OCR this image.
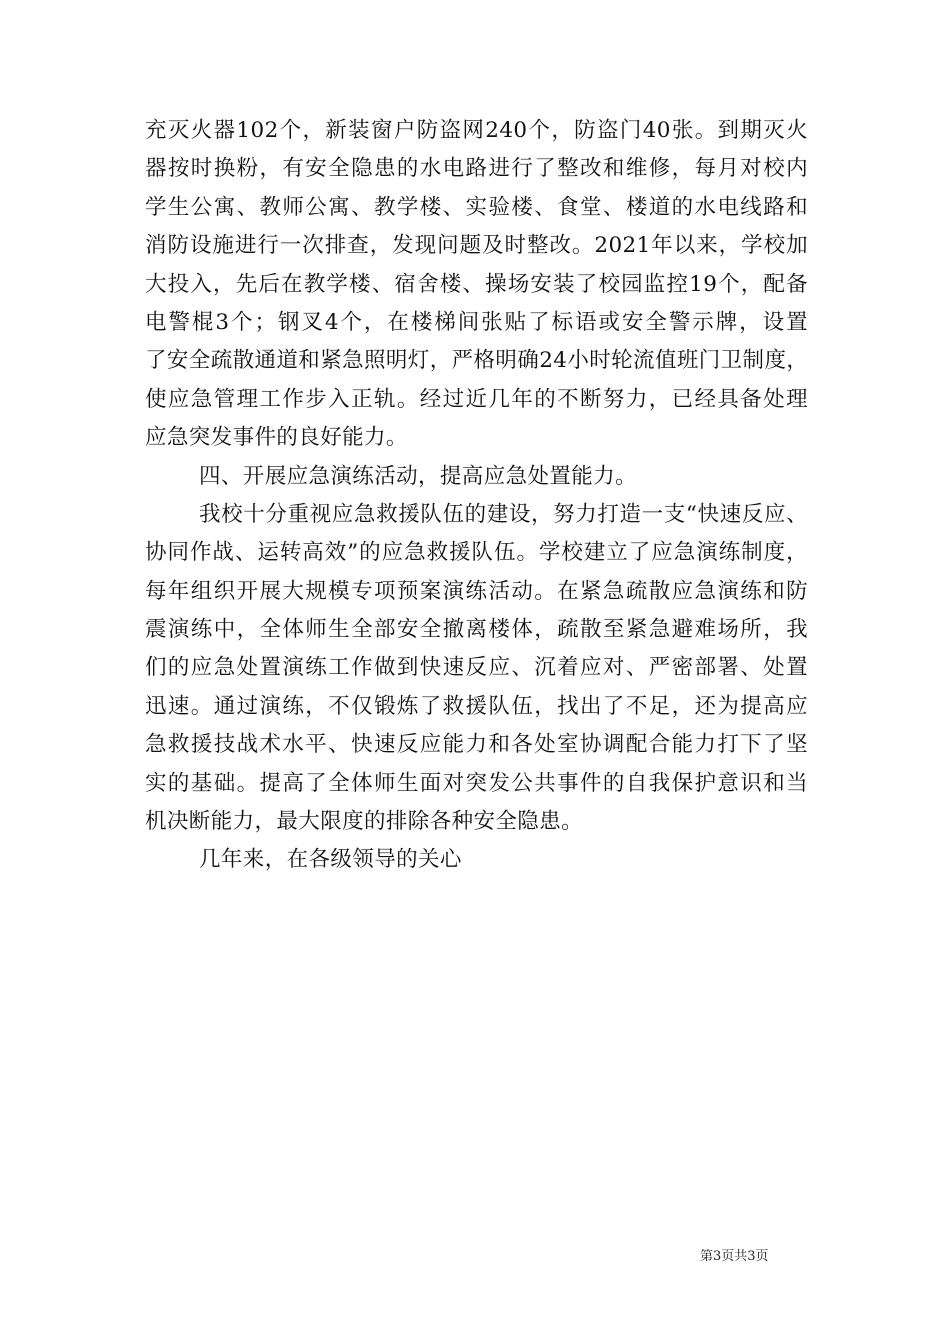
充灭火器102个，新装窗户防盗网240个，防盗门40张。到期灭火
器按时换粉，有安全隐患的水电路进行了整改和维修，每月对校内
学生公寓、教师公寓、教学楼、实验楼、食堂、楼道的水电线路和
消防设施进行一次排查，发现问题及时整改。2021年以来，学校加
大投入，先后在教学楼、宿舍楼、操场安装了校园监控19个，配备
电警棍3个；钢叉4个，在楼梯间张贴了标语或安全警示牌，设置
了安全疏散通道和紧急照明灯，严格明确24小时轮流值班门卫制度，
使应急管理工作步入正轨。经过近几年的不断努力，已经具备处理
应急突发事件的良好能力。
四、开展应急演练活动，提高应急处置能力。
我校十分重视应急救援队伍的建设，努力打造一支“快速反应、
协同作战、运转高效”的应急救援队伍。学校建立了应急演练制度，
每年组织开展大规模专项预案演练活动。在紧急疏散应急演练和防
震演练中，全体师生全部安全撤离楼体，疏散至紧急避难场所，我
们的应急处置演练工作做到快速反应、沉着应对、严密部署、处置
迅速。通过演练，不仅锻炼了救援队伍，找出了不足，还为提高应
急救援技战术水平、快速反应能力和各处室协调配合能力打下了坚
实的基础。提高了全体师生面对突发公共事件的自我保护意识和当
机决断能力，最大限度的排除各种安全隐患。
几年来，在各级领导的关心
第3页共3页
